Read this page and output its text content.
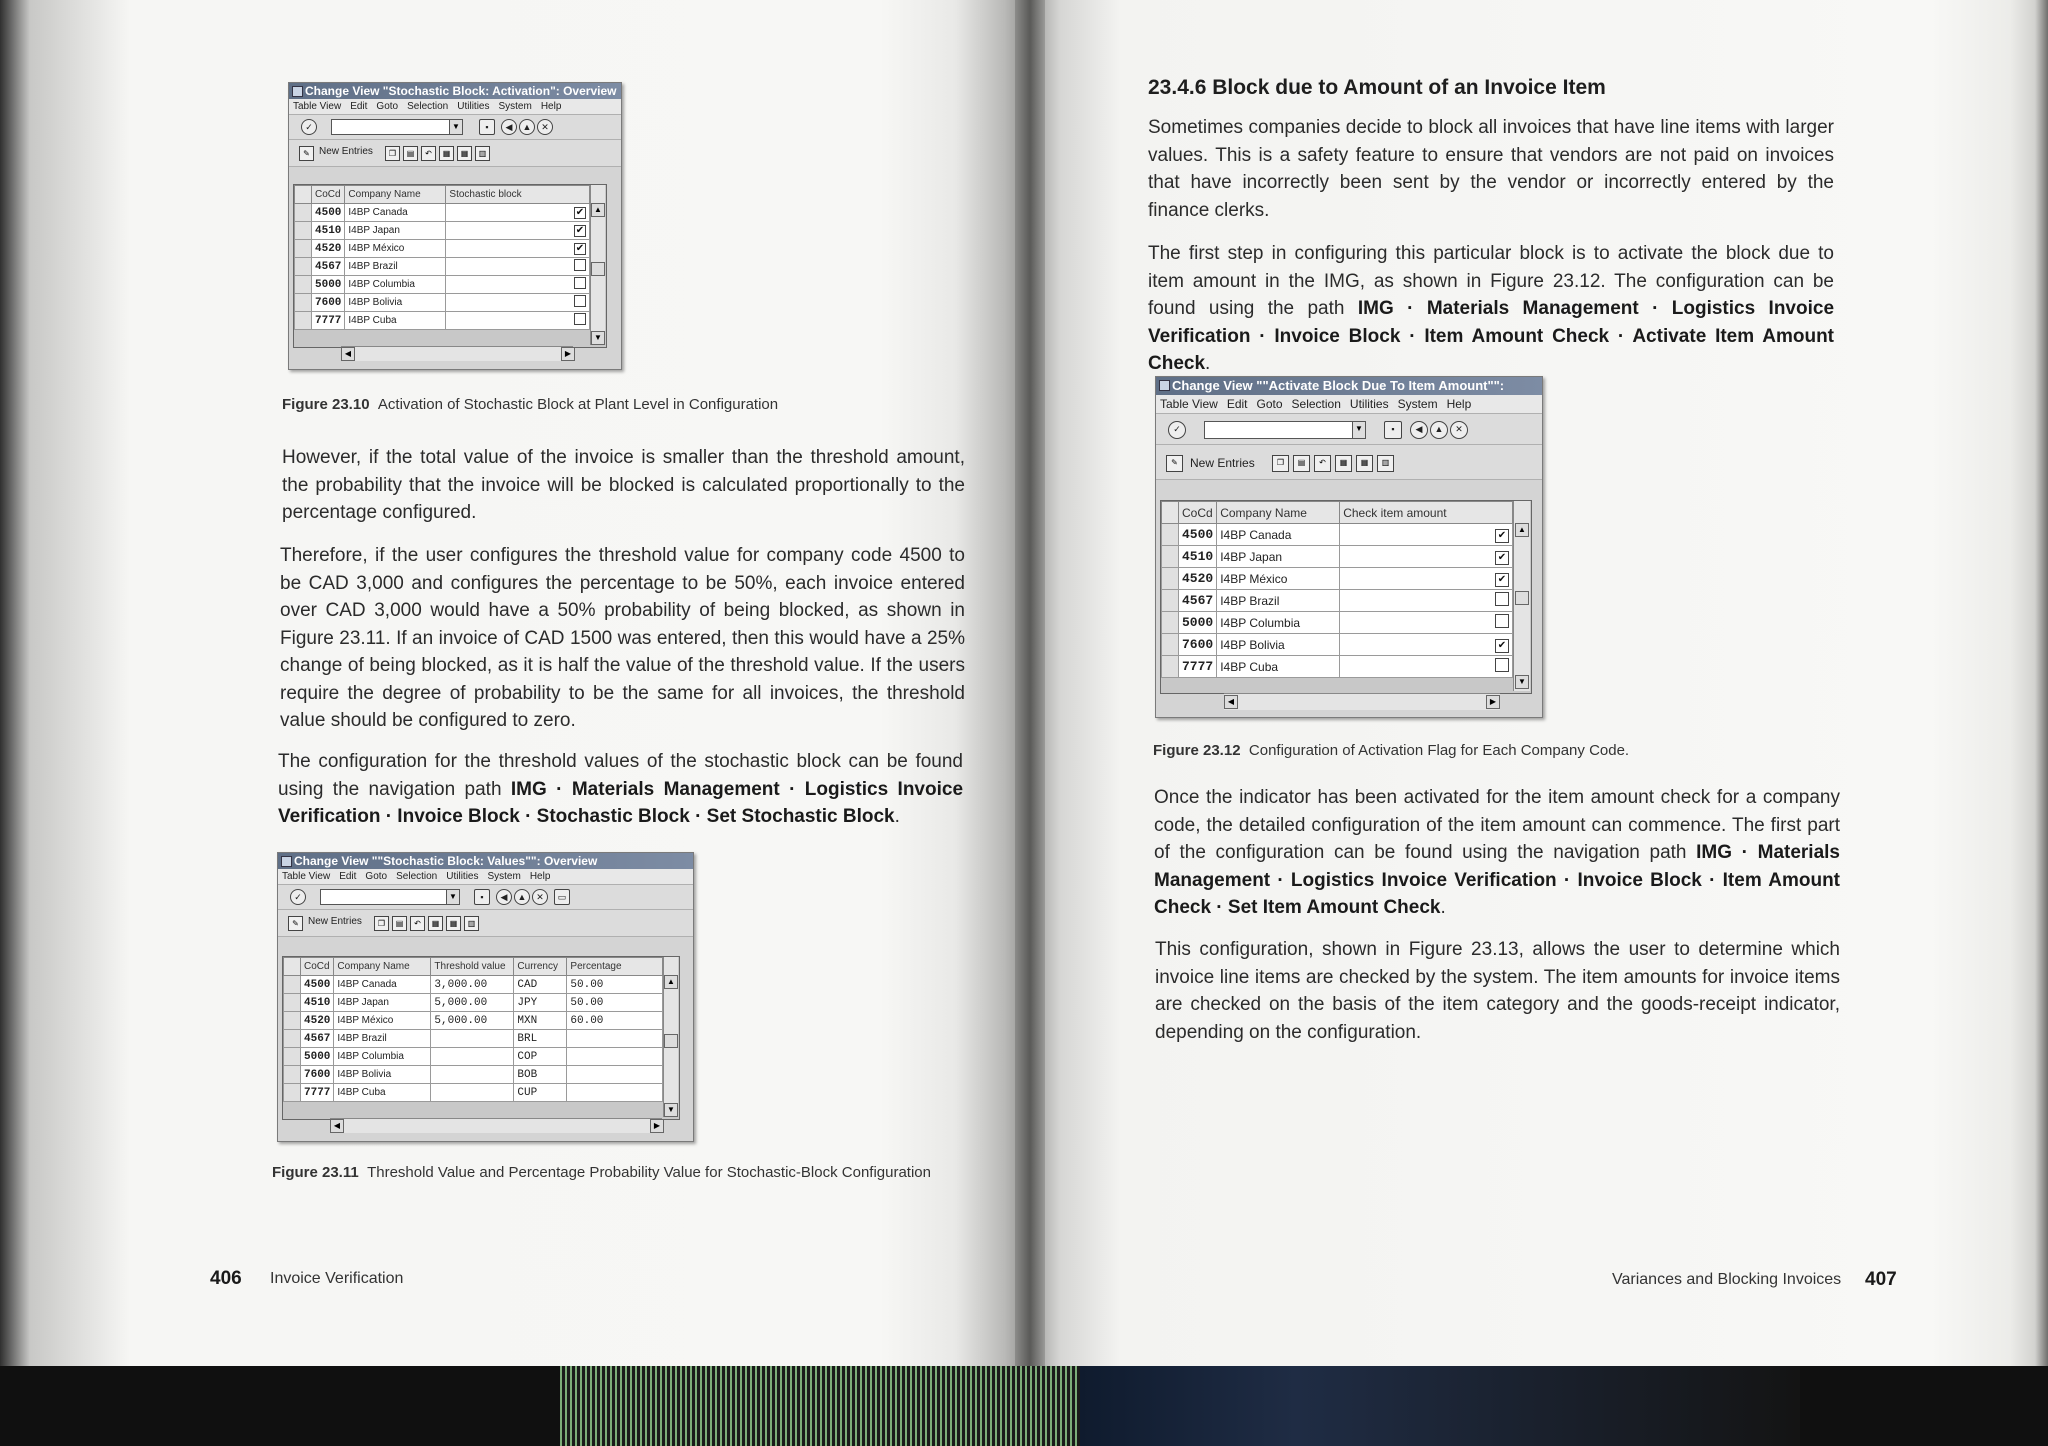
Change View "Stochastic Block: Activation": Overview
Table View Edit Goto Selection Utilities System Help
✓	▼	▪	◀	▲	✕
✎ New Entries	❐	▤	↶	▦	▦	▥
	CoCd	Company Name	Stochastic block
	4500	I4BP Canada	✔
	4510	I4BP Japan	✔
	4520	I4BP México	✔
	4567	I4BP Brazil	
	5000	I4BP Columbia	
	7600	I4BP Bolivia	
	7777	I4BP Cuba	
▲
▼
◀	▶
Figure 23.10 Activation of Stochastic Block at Plant Level in Configuration
However, if the total value of the invoice is smaller than the threshold amount, the probability that the invoice will be blocked is calculated proportionally to the percentage configured.
Therefore, if the user configures the threshold value for company code 4500 to be CAD 3,000 and configures the percentage to be 50%, each invoice entered over CAD 3,000 would have a 50% probability of being blocked, as shown in Figure 23.11. If an invoice of CAD 1500 was entered, then this would have a 25% change of being blocked, as it is half the value of the threshold value. If the users require the degree of probability to be the same for all invoices, the threshold value should be configured to zero.
The configuration for the threshold values of the stochastic block can be found using the navigation path IMG · Materials Management · Logistics Invoice Verification · Invoice Block · Stochastic Block · Set Stochastic Block.
Change View ""Stochastic Block: Values"": Overview
Table View Edit Goto Selection Utilities System Help
✓	▼	▪	◀	▲	✕	▭
✎ New Entries	❐	▤	↶	▦	▦	▥
	CoCd	Company Name	Threshold value	Currency	Percentage
	4500	I4BP Canada	3,000.00	CAD	50.00
	4510	I4BP Japan	5,000.00	JPY	50.00
	4520	I4BP México	5,000.00	MXN	60.00
	4567	I4BP Brazil		BRL	
	5000	I4BP Columbia		COP	
	7600	I4BP Bolivia		BOB	
	7777	I4BP Cuba		CUP	
▲
▼
◀	▶
Figure 23.11 Threshold Value and Percentage Probability Value for Stochastic-Block Configuration
406 Invoice Verification
23.4.6 Block due to Amount of an Invoice Item
Sometimes companies decide to block all invoices that have line items with larger values. This is a safety feature to ensure that vendors are not paid on invoices that have incorrectly been sent by the vendor or incorrectly entered by the finance clerks.
The first step in configuring this particular block is to activate the block due to item amount in the IMG, as shown in Figure 23.12. The configuration can be found using the path IMG · Materials Management · Logistics Invoice Verification · Invoice Block · Item Amount Check · Activate Item Amount Check.
Change View ""Activate Block Due To Item Amount"":
Table View Edit Goto Selection Utilities System Help
✓	▼	▪	◀	▲	✕
✎	New Entries	❐	▤	↶	▦	▦	▥
	CoCd	Company Name	Check item amount
	4500	I4BP Canada	✔
	4510	I4BP Japan	✔
	4520	I4BP México	✔
	4567	I4BP Brazil	
	5000	I4BP Columbia	
	7600	I4BP Bolivia	✔
	7777	I4BP Cuba	
▲
▼
◀	▶
Figure 23.12 Configuration of Activation Flag for Each Company Code.
Once the indicator has been activated for the item amount check for a company code, the detailed configuration of the item amount can commence. The first part of the configuration can be found using the navigation path IMG · Materials Management · Logistics Invoice Verification · Invoice Block · Item Amount Check · Set Item Amount Check.
This configuration, shown in Figure 23.13, allows the user to determine which invoice line items are checked by the system. The item amounts for invoice items are checked on the basis of the item category and the goods-receipt indicator, depending on the configuration.
Variances and Blocking Invoices 407
